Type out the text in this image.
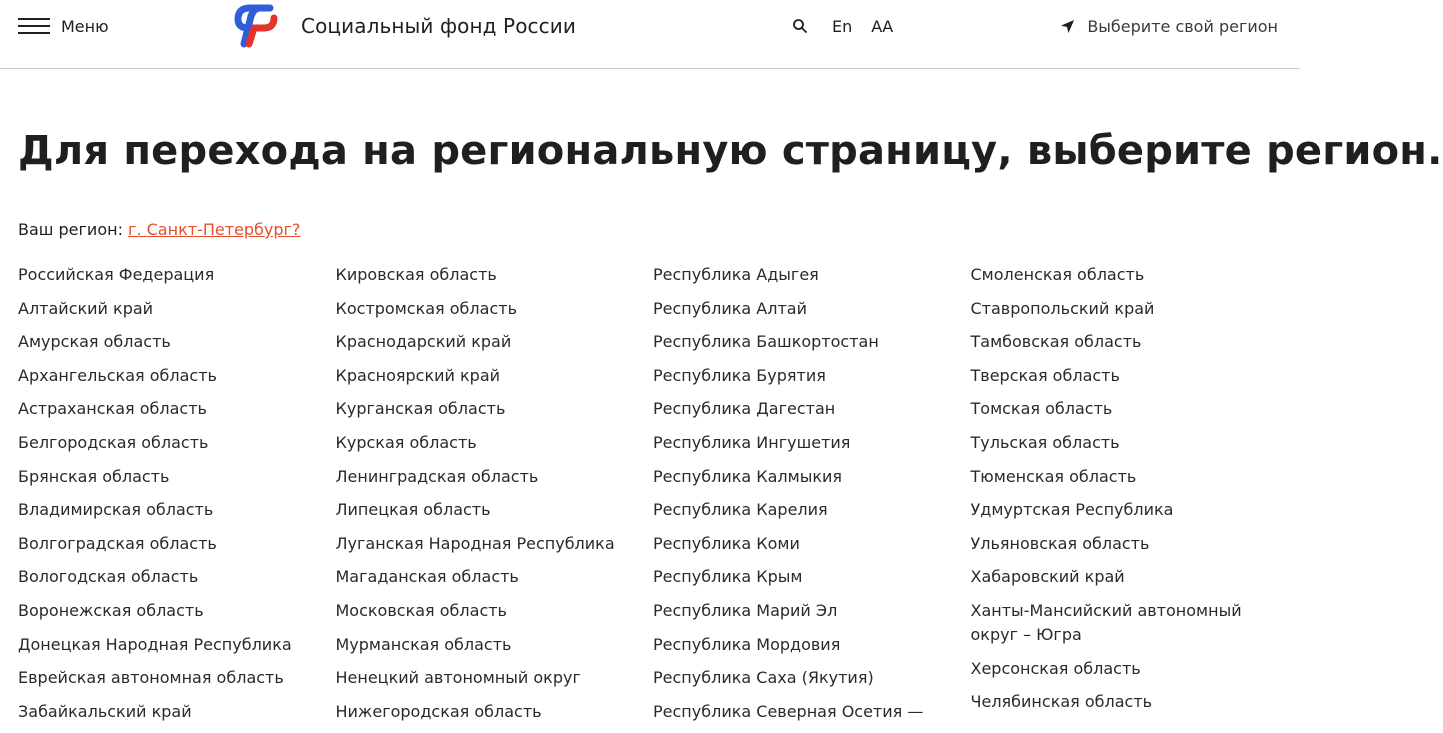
Меню	Социальный фонд России	En АА	Выберите свой регион
Для перехода на региональную страницу, выберите регион.
Ваш регион: г. Санкт-Петербург?
Российская Федерация
Алтайский край
Амурская область
Архангельская область
Астраханская область
Белгородская область
Брянская область
Владимирская область
Волгоградская область
Вологодская область
Воронежская область
Донецкая Народная Республика
Еврейская автономная область
Забайкальский край
Кировская область
Костромская область
Краснодарский край
Красноярский край
Курганская область
Курская область
Ленинградская область
Липецкая область
Луганская Народная Республика
Магаданская область
Московская область
Мурманская область
Ненецкий автономный округ
Нижегородская область
Республика Адыгея
Республика Алтай
Республика Башкортостан
Республика Бурятия
Республика Дагестан
Республика Ингушетия
Республика Калмыкия
Республика Карелия
Республика Коми
Республика Крым
Республика Марий Эл
Республика Мордовия
Республика Саха (Якутия)
Республика Северная Осетия —
Смоленская область
Ставропольский край
Тамбовская область
Тверская область
Томская область
Тульская область
Тюменская область
Удмуртская Республика
Ульяновская область
Хабаровский край
Ханты-Мансийский автономный округ – Югра
Херсонская область
Челябинская область
